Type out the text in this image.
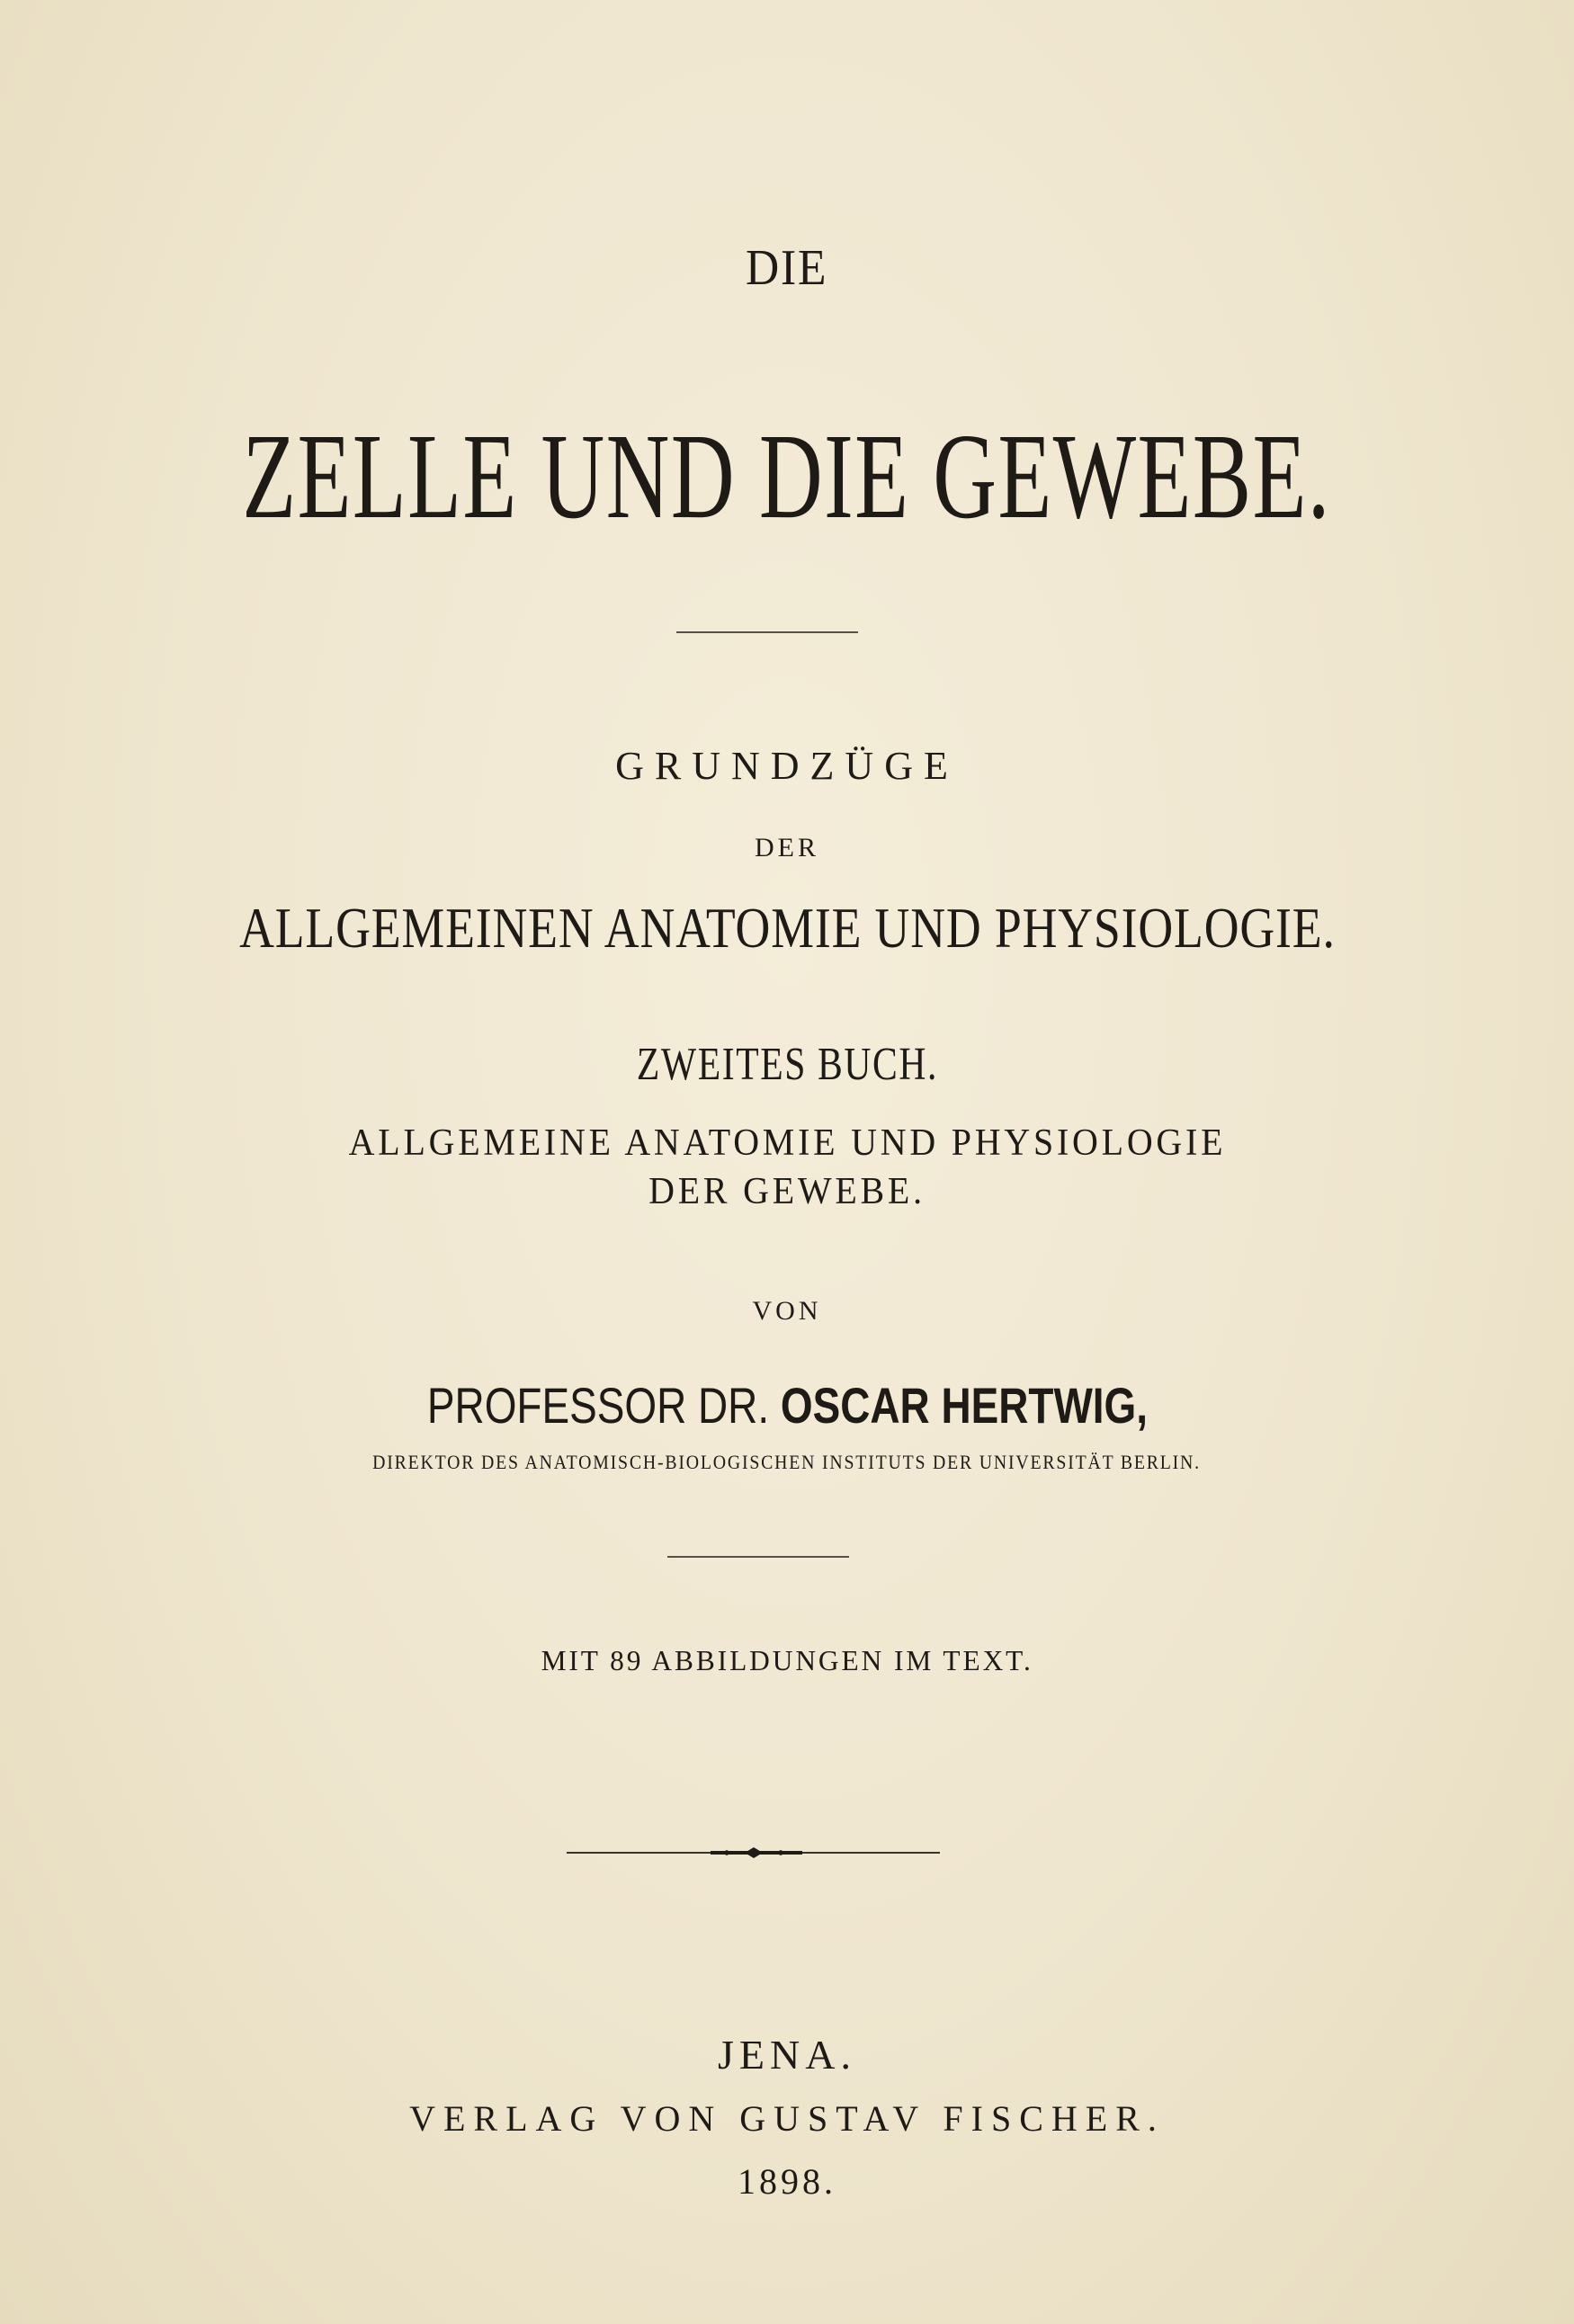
DIE
ZELLE UND DIE GEWEBE.
GRUNDZÜGE
DER
ALLGEMEINEN ANATOMIE UND PHYSIOLOGIE.
ZWEITES BUCH.
ALLGEMEINE ANATOMIE UND PHYSIOLOGIE
DER GEWEBE.
VON
PROFESSOR DR. OSCAR HERTWIG,
DIREKTOR DES ANATOMISCH-BIOLOGISCHEN INSTITUTS DER UNIVERSITÄT BERLIN.
MIT 89 ABBILDUNGEN IM TEXT.
JENA.
VERLAG VON GUSTAV FISCHER.
1898.
